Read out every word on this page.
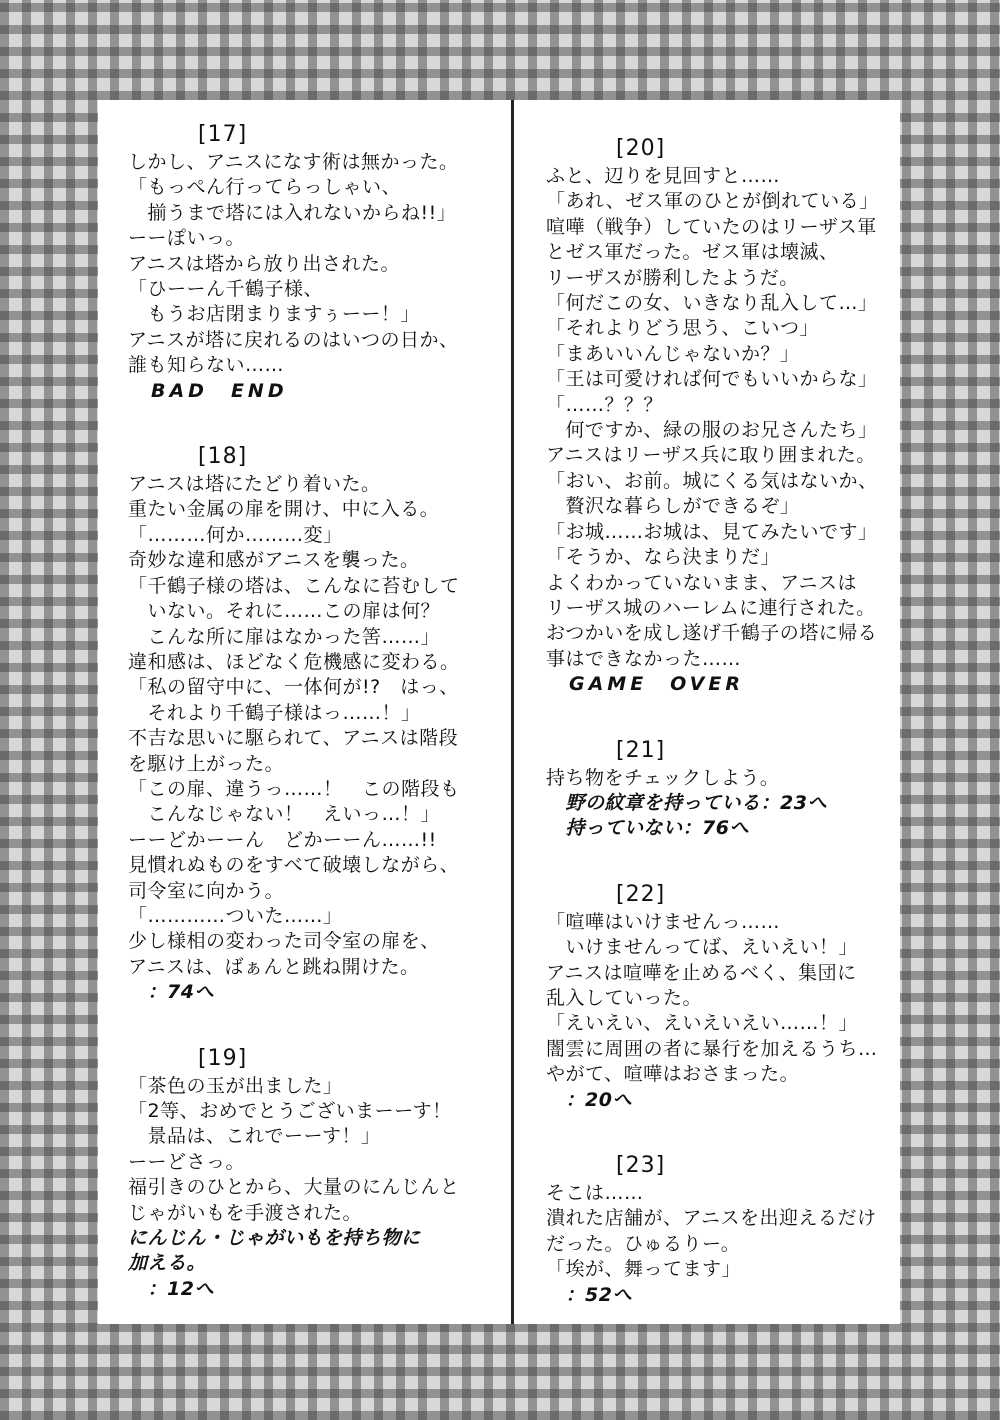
[17]
しかし、アニスになす術は無かった。
「もっぺん行ってらっしゃい、
　揃うまで塔には入れないからね!!」
ーーぽいっ。
アニスは塔から放り出された。
「ひーーん千鶴子様、
　もうお店閉まりますぅーー！」
アニスが塔に戻れるのはいつの日か、
誰も知らない……
　BAD　END
[18]
アニスは塔にたどり着いた。
重たい金属の扉を開け、中に入る。
「………何か………変」
奇妙な違和感がアニスを襲った。
「千鶴子様の塔は、こんなに苔むして
　いない。それに……この扉は何？
　こんな所に扉はなかった筈……」
違和感は、ほどなく危機感に変わる。
「私の留守中に、一体何が!?　はっ、
　それより千鶴子様はっ……！」
不吉な思いに駆られて、アニスは階段
を駆け上がった。
「この扉、違うっ……！　この階段も
　こんなじゃない！　えいっ…！」
ーーどかーーん　どかーーん……!!
見慣れぬものをすべて破壊しながら、
司令室に向かう。
「…………ついた……」
少し様相の変わった司令室の扉を、
アニスは、ばぁんと跳ね開けた。
　：74へ
[19]
「茶色の玉が出ました」
「2等、おめでとうございまーーす！
　景品は、これでーーす！」
ーーどさっ。
福引きのひとから、大量のにんじんと
じゃがいもを手渡された。
にんじん・じゃがいもを持ち物に
加える。
　：12へ
[20]
ふと、辺りを見回すと……
「あれ、ゼス軍のひとが倒れている」
喧嘩（戦争）していたのはリーザス軍
とゼス軍だった。ゼス軍は壊滅、
リーザスが勝利したようだ。
「何だこの女、いきなり乱入して…」
「それよりどう思う、こいつ」
「まあいいんじゃないか？」
「王は可愛ければ何でもいいからな」
「……？？？
　何ですか、緑の服のお兄さんたち」
アニスはリーザス兵に取り囲まれた。
「おい、お前。城にくる気はないか、
　贅沢な暮らしができるぞ」
「お城……お城は、見てみたいです」
「そうか、なら決まりだ」
よくわかっていないまま、アニスは
リーザス城のハーレムに連行された。
おつかいを成し遂げ千鶴子の塔に帰る
事はできなかった……
　GAME　OVER
[21]
持ち物をチェックしよう。
　野の紋章を持っている：23へ
　持っていない：76へ
[22]
「喧嘩はいけませんっ……
　いけませんってば、えいえい！」
アニスは喧嘩を止めるべく、集団に
乱入していった。
「えいえい、えいえいえい……！」
闇雲に周囲の者に暴行を加えるうち…
やがて、喧嘩はおさまった。
　：20へ
[23]
そこは……
潰れた店舗が、アニスを出迎えるだけ
だった。ひゅるりー。
「埃が、舞ってます」
　：52へ
